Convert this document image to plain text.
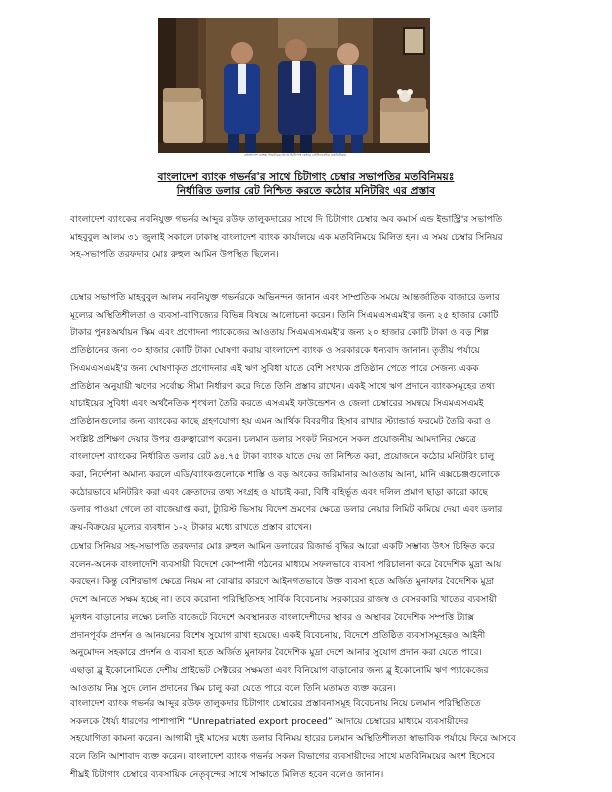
বাংলাদেশ ব্যাংক গভর্নরের সাথে চিটাগাং চেম্বার প্রেসিডেন্টের মতবিনিময়
বাংলাদেশ ব্যাংক গভর্নর'র সাথে চিটাগাং চেম্বার সভাপতির মতবিনিময়ঃ
নির্ধারিত ডলার রেট নিশ্চিত করতে কঠোর মনিটরিং এর প্রস্তাব
বাংলাদেশ ব্যাংকের নবনিযুক্ত গভর্নর আব্দুর রউফ তালুকদারের সাথে দি চিটাগাং চেম্বার অব কমার্স এন্ড ইন্ডাস্ট্রি'র সভাপতি
মাহবুবুল আলম ৩১ জুলাই সকালে ঢাকাস্থ বাংলাদেশ ব্যাংক কার্যালয়ে এক মতবিনিময়ে মিলিত হন। এ সময় চেম্বার সিনিয়র
সহ-সভাপতি তরফদার মোঃ রুহুল আমিন উপস্থিত ছিলেন।
চেম্বার সভাপতি মাহবুবুল আলম নবনিযুক্ত গভর্নরকে অভিনন্দন জানান এবং সাম্প্রতিক সময়ে আন্তর্জাতিক বাজারে ডলার
মূল্যের অস্থিতিশীলতা ও ব্যবসা-বাণিজ্যের বিভিন্ন বিষয়ে আলোচনা করেন। তিনি সিএমএসএমই'র জন্য ২৫ হাজার কোটি
টাকার পুনঃঅর্থায়ন স্কিম এবং প্রণোদনা প্যাকেজের আওতায় সিএমএসএমই'র জন্য ২০ হাজার কোটি টাকা ও বড় শিল্প
প্রতিষ্ঠানের জন্য ৩০ হাজার কোটি টাকা ঘোষণা করায় বাংলাদেশ ব্যাংক ও সরকারকে ধন্যবাদ জানান। তৃতীয় পর্যায়ে
সিএমএসএমই'র জন্য ঘোষণাকৃত প্রণোদনার এই ঋণ সুবিধা যাতে বেশি সংখ্যক প্রতিষ্ঠান পেতে পারে সেজন্য একক
প্রতিষ্ঠান অনুযায়ী ঋণের সর্বোচ্চ সীমা নির্ধারণ করে দিতে তিনি প্রস্তাব রাখেন। একই সাথে ঋণ প্রদানে ব্যাংকসমূহের তথ্য
যাচাইয়ের সুবিধা এবং অর্থনৈতিক শৃংখলা তৈরি করতে এসএমই ফাউন্ডেশন ও জেলা চেম্বারের সমন্বয়ে সিএমএসএমই
প্রতিষ্ঠানগুলোর জন্য ব্যাংকের কাছে গ্রহণযোগ্য হয় এমন আর্থিক বিবরণীর হিসাব রাখার স্ট্যান্ডার্ড ফরমেট তৈরি করা ও
সংশ্লিষ্ট প্রশিক্ষণ দেয়ার উপর গুরুত্বারোপ করেন। চলমান ডলার সংকট নিরসনে সকল প্রয়োজনীয় আমদানির ক্ষেত্রে
বাংলাদেশ ব্যাংকের নির্ধারিত ডলার রেট ৯৪.৭৫ টাকা ব্যাংক যাতে দেয় তা নিশ্চিত করা, প্রয়োজনে কঠোর মনিটরিং চালু
করা, নির্দেশনা অমান্য করলে এডি/ব্যাংকগুলোকে শাস্তি ও বড় অংকের জরিমানার আওতায় আনা, মানি এক্সচেঞ্জগুলোকে
কঠোরভাবে মনিটরিং করা এবং ক্রেতাদের তথ্য সংগ্রহ ও যাচাই করা, বিধি বহির্ভূত এবং দলিল প্রমাণ ছাড়া কারো কাছে
ডলার পাওয়া গেলে তা বাজেয়াপ্ত করা, ট্যুরিস্ট ভিসায় বিদেশ ভ্রমণের ক্ষেত্রে ডলার নেয়ার লিমিট কমিয়ে দেয়া এবং ডলার
ক্রয়-বিক্রয়ের মূল্যের ব্যবধান ১-২ টাকার মধ্যে রাখতে প্রস্তাব রাখেন।
চেম্বার সিনিয়র সহ-সভাপতি তরফদার মোঃ রুহুল আমিন ডলারের রিজার্ভ বৃদ্ধির আরো একটি সম্ভাব্য উৎস চিহ্নিত করে
বলেন-অনেক বাংলাদেশি ব্যবসায়ী বিদেশে কোম্পানী গঠনের মাধ্যমে সফলভাবে ব্যবসা পরিচালনা করে বৈদেশিক মুদ্রা আয়
করছেন। কিন্তু বেশিরভাগ ক্ষেত্রে নিয়ম না বোঝার কারণে আইনগতভাবে উক্ত ব্যবসা হতে অর্জিত মুনাফার বৈদেশিক মুদ্রা
দেশে আনতে সক্ষম হচ্ছে না। তবে করোনা পরিস্থিতিসহ সার্বিক বিবেচনায় সরকারের রাজস্ব ও বেসরকারি খাতের ব্যবসায়ী
মূলধন বাড়ানোর লক্ষ্যে চলতি বাজেটে বিদেশে অবস্থানরত বাংলাদেশীদের স্থাবর ও অস্থাবর বৈদেশিক সম্পত্তি ট্যাক্স
প্রদানপূর্বক প্রদর্শন ও আনয়নের বিশেষ সুযোগ রাখা হয়েছে। একই বিবেচনায়, বিদেশে প্রতিষ্ঠিত ব্যবসাসমূহেরও আইনী
অনুমোদন সহকারে প্রদর্শন ও ব্যবসা হতে অর্জিত মুনাফার বৈদেশিক মুদ্রা দেশে আনার সুযোগ প্রদান করা যেতে পারে।
এছাড়া ব্লু ইকোনোমিতে দেশীয় প্রাইভেট সেক্টরের সক্ষমতা এবং বিনিয়োগ বাড়ানোর জন্য ব্লু ইকোনোমি ঋণ প্যাকেজের
আওতায় নিম্ন সুদে লোন প্রদানের স্কিম চালু করা যেতে পারে বলে তিনি মতামত ব্যক্ত করেন।
বাংলাদেশ ব্যাংক গভর্নর আব্দুর রউফ তালুকদার চিটাগাং চেম্বারের প্রস্তাবনাসমূহ বিবেচনায় নিয়ে চলমান পরিস্থিতিতে
সকলকে ধৈর্য্য ধারণের পাশাপাশি “Unrepatriated export proceed” আদায়ে চেম্বারের মাধ্যমে ব্যবসায়ীদের
সহযোগিতা কামনা করেন। আগামী দুই মাসের মধ্যে ডলার বিনিময় হারের চলমান অস্থিতিশীলতা স্বাভাবিক পর্যায়ে ফিরে আসবে
বলে তিনি আশাবাদ ব্যক্ত করেন। বাংলাদেশ ব্যাংক গভর্নর সকল বিভাগের ব্যবসায়ীদের সাথে মতবিনিময়ের অংশ হিসেবে
শীঘ্রই চিটাগাং চেম্বারে ব্যবসায়িক নেতৃবৃন্দের সাথে সাক্ষাতে মিলিত হবেন বলেও জানান।
